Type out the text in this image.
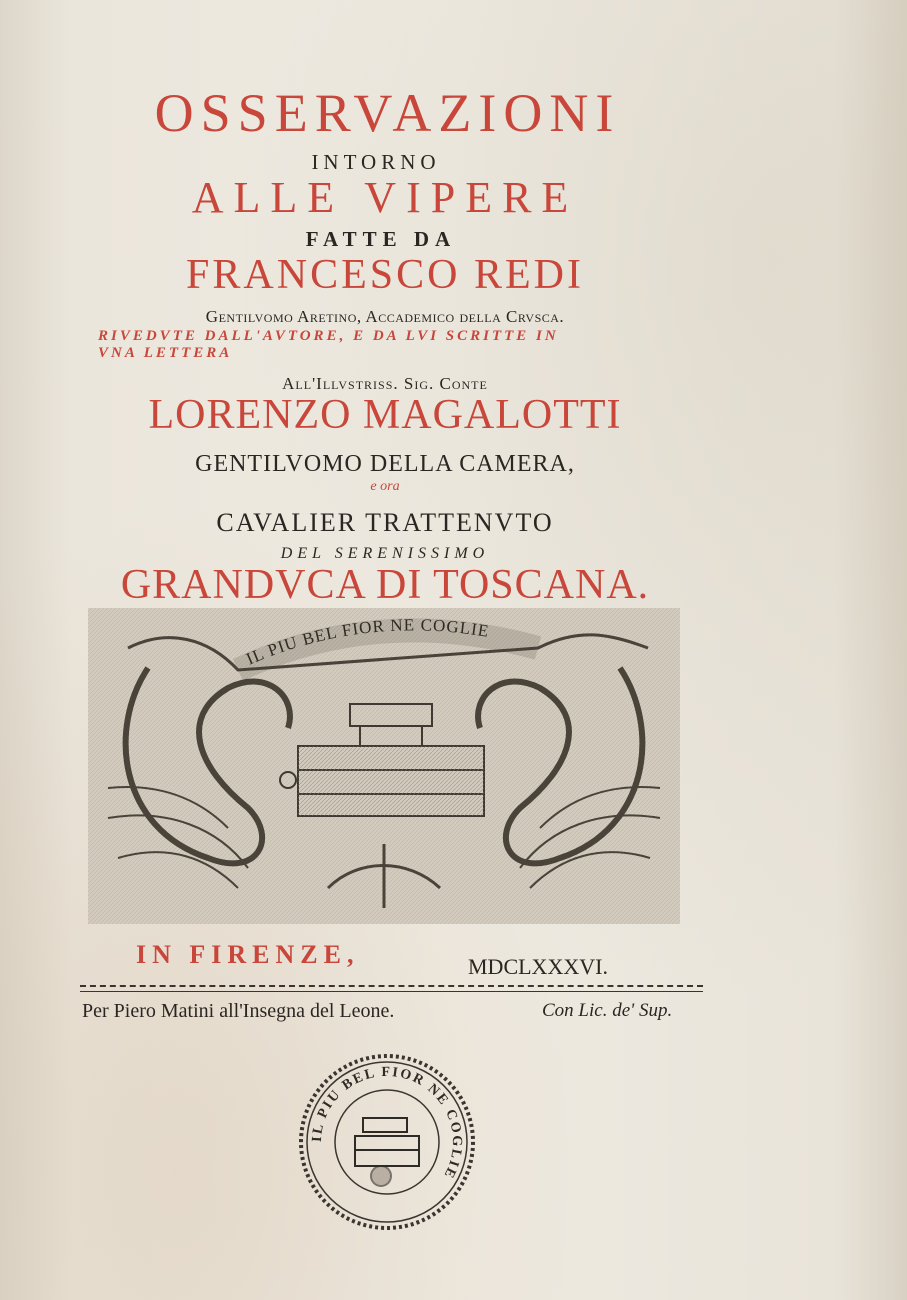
OSSERVAZIONI

INTORNO

ALLE VIPERE

FATTE DA

FRANCESCO REDI

Gentilvomo Aretino, Accademico della Crvsca.

RIVEDVTE DALL'AVTORE, E DA LVI SCRITTE IN

VNA LETTERA

All'Illvstriss. Sig. Conte

LORENZO MAGALOTTI

GENTILVOMO DELLA CAMERA,

e ora

CAVALIER TRATTENVTO

DEL SERENISSIMO

GRANDVCA DI TOSCANA.

IL PIU BEL FIOR NE COGLIE

IN FIRENZE,	MDCLXXXVI.

Per Piero Matini all'Insegna del Leone.	Con Lic. de' Sup.

IL PIU BEL FIOR NE COGLIE
